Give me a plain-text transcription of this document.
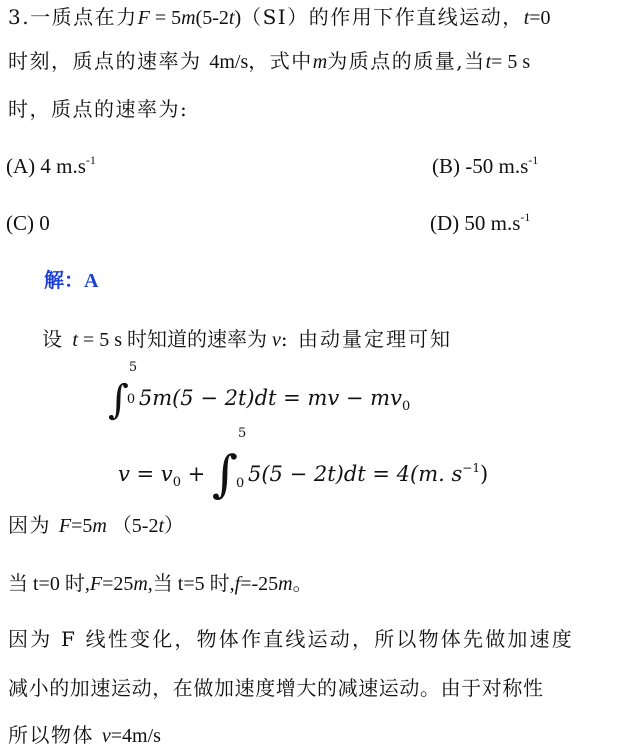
3.一质点在力F = 5m(5-2t)（SI）的作用下作直线运动，t=0
时刻，质点的速率为 4m/s，式中m为质点的质量,当t= 5 s
时，质点的速率为:
(A) 4 $m.s^{-1}$	(B) -50 $m.s^{-1}$
(C) 0	(D) 50 $m.s^{-1}$
解：A
设 t = 5 s 时知道的速率为 v: 由动量定理可知
∫
5
0 5m(5 − 2t)dt = mv − $mv_0$
$v = v_0$ + ∫
5
0 5(5 − 2t)dt = 4(m. $s^{-1}$)
因为 F=5m （5-2t）
当 t=0 时,F=25m,当 t=5 时,f=-25m。
因为 F 线性变化，物体作直线运动，所以物体先做加速度
减小的加速运动，在做加速度增大的减速运动。由于对称性
所以物体 v=4m/s
